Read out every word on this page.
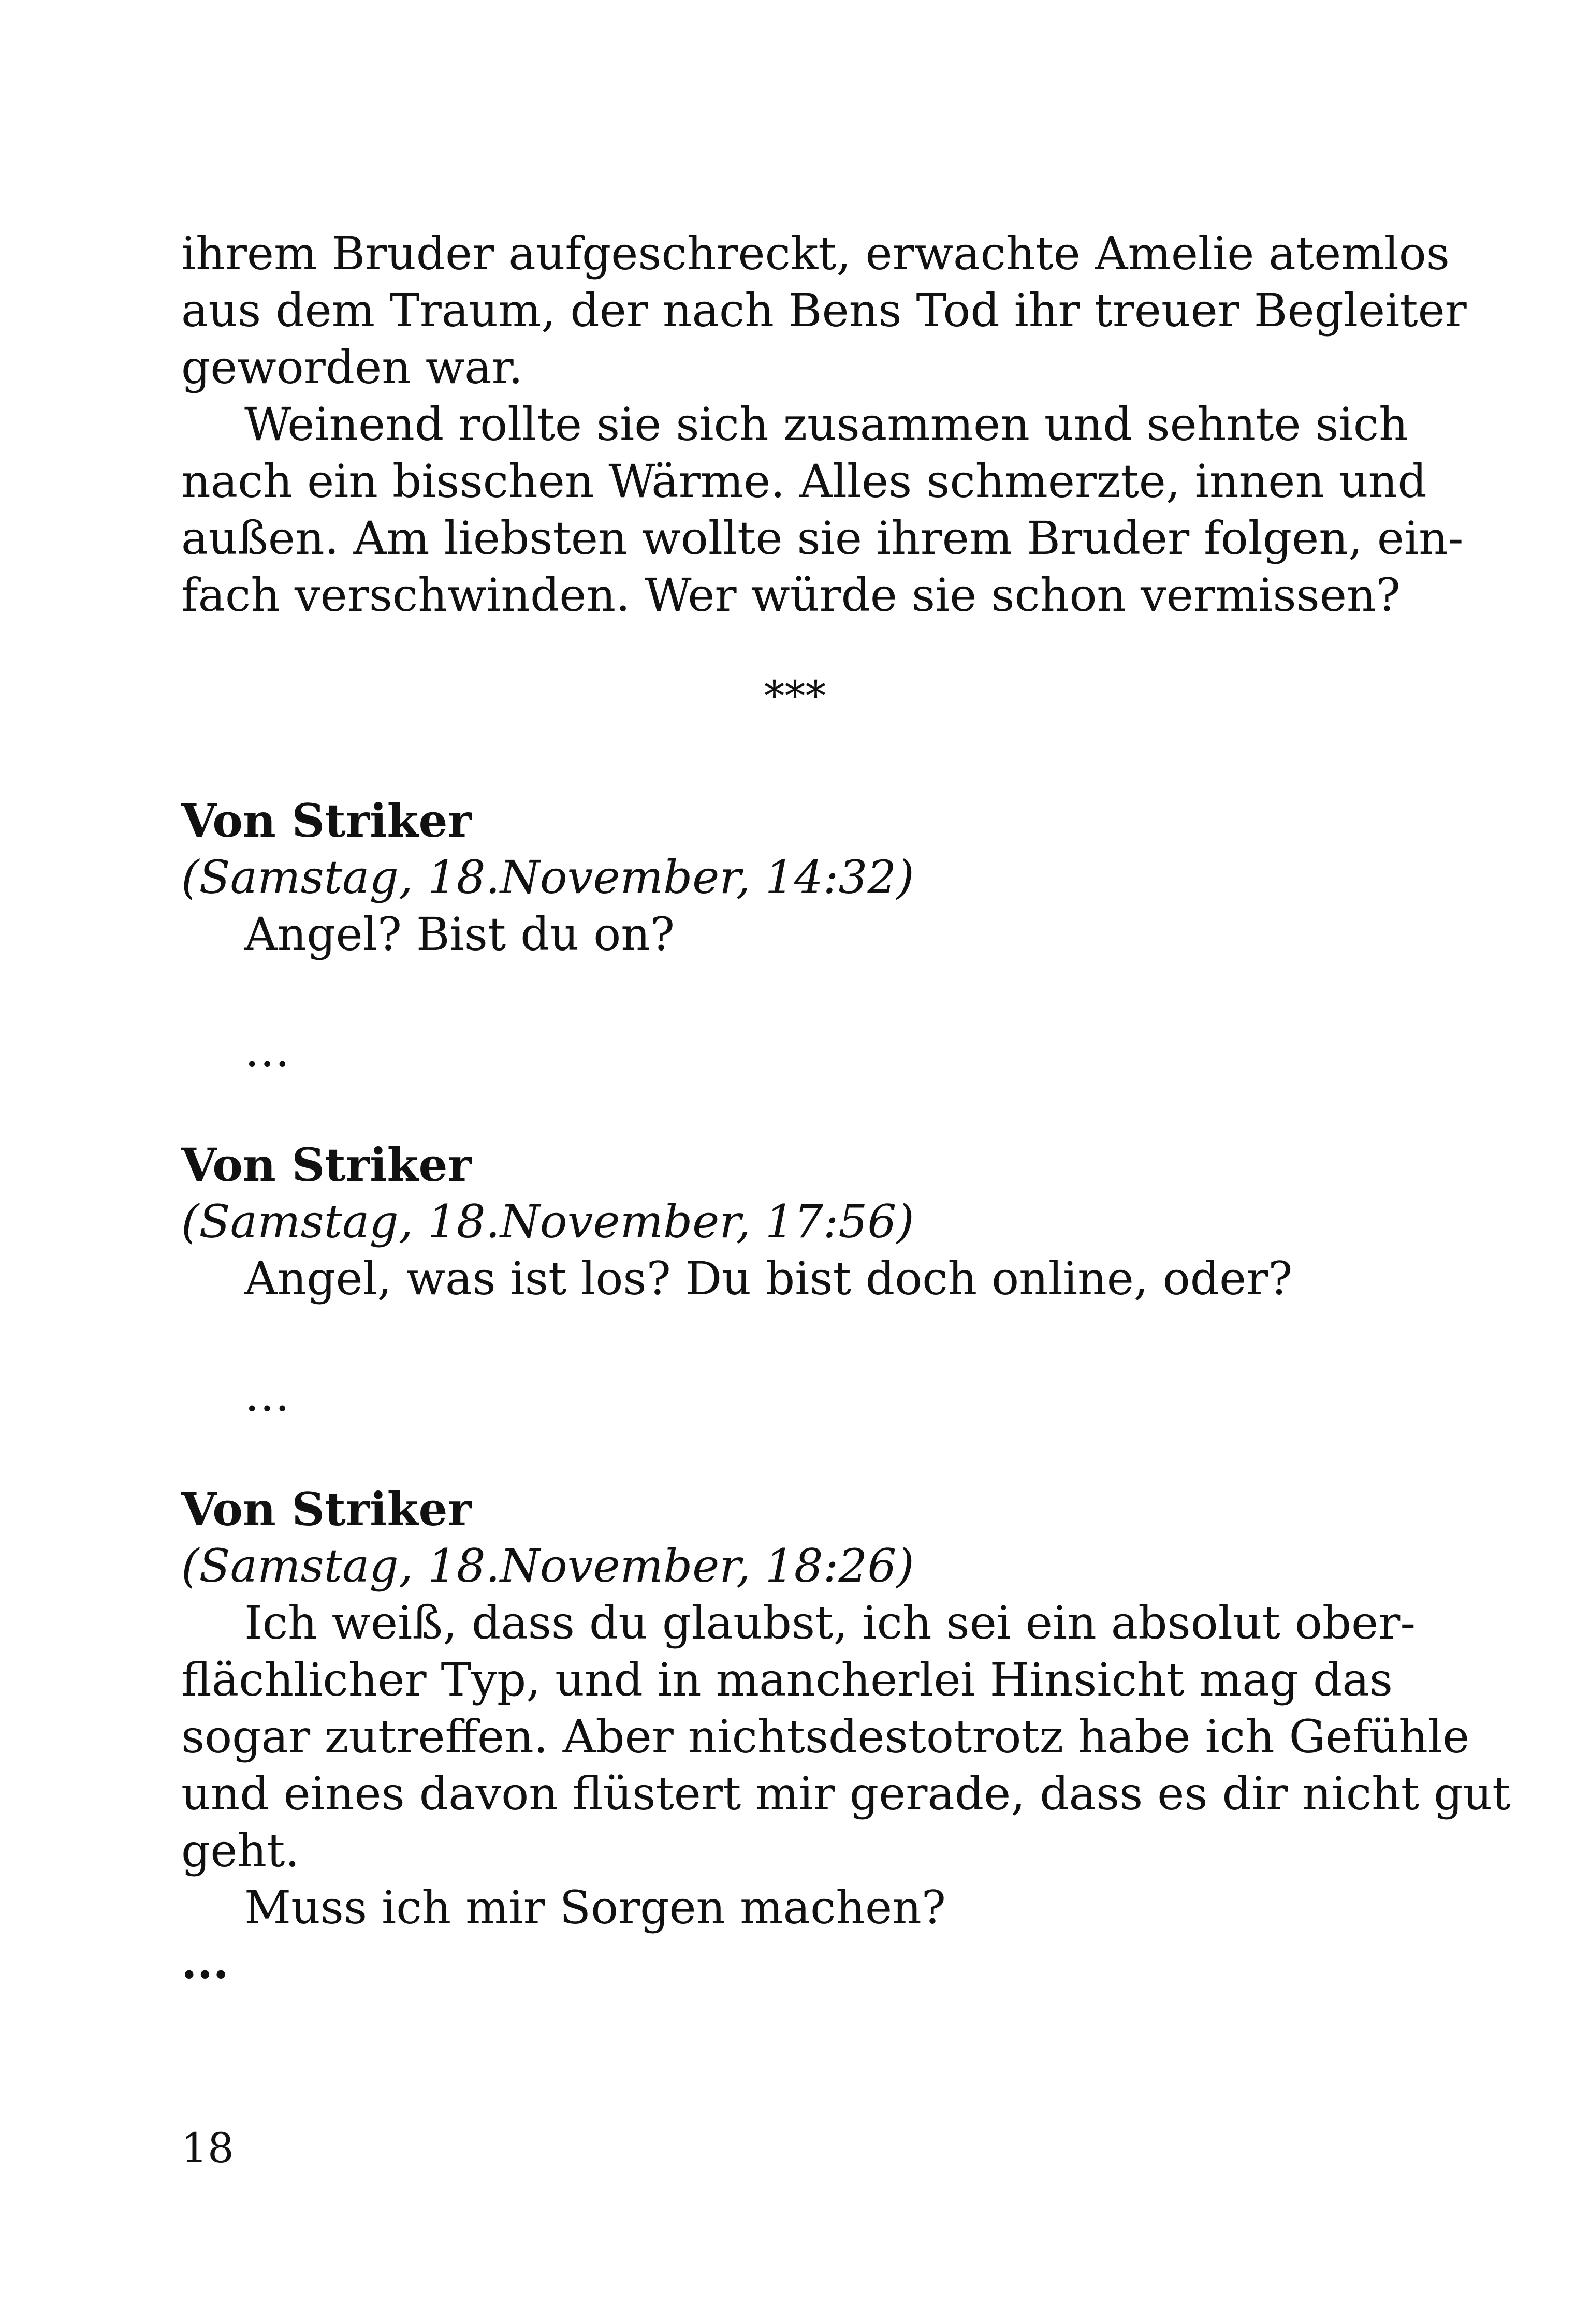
ihrem Bruder aufgeschreckt, erwachte Amelie atemlos
aus dem Traum, der nach Bens Tod ihr treuer Begleiter
geworden war.
Weinend rollte sie sich zusammen und sehnte sich
nach ein bisschen Wärme. Alles schmerzte, innen und
außen. Am liebsten wollte sie ihrem Bruder folgen, ein-
fach verschwinden. Wer würde sie schon vermissen?
***
Von Striker
(Samstag, 18.November, 14:32)
Angel? Bist du on?
…
Von Striker
(Samstag, 18.November, 17:56)
Angel, was ist los? Du bist doch online, oder?
…
Von Striker
(Samstag, 18.November, 18:26)
Ich weiß, dass du glaubst, ich sei ein absolut ober-
flächlicher Typ, und in mancherlei Hinsicht mag das
sogar zutreffen. Aber nichtsdestotrotz habe ich Gefühle
und eines davon flüstert mir gerade, dass es dir nicht gut
geht.
Muss ich mir Sorgen machen?
...
18
